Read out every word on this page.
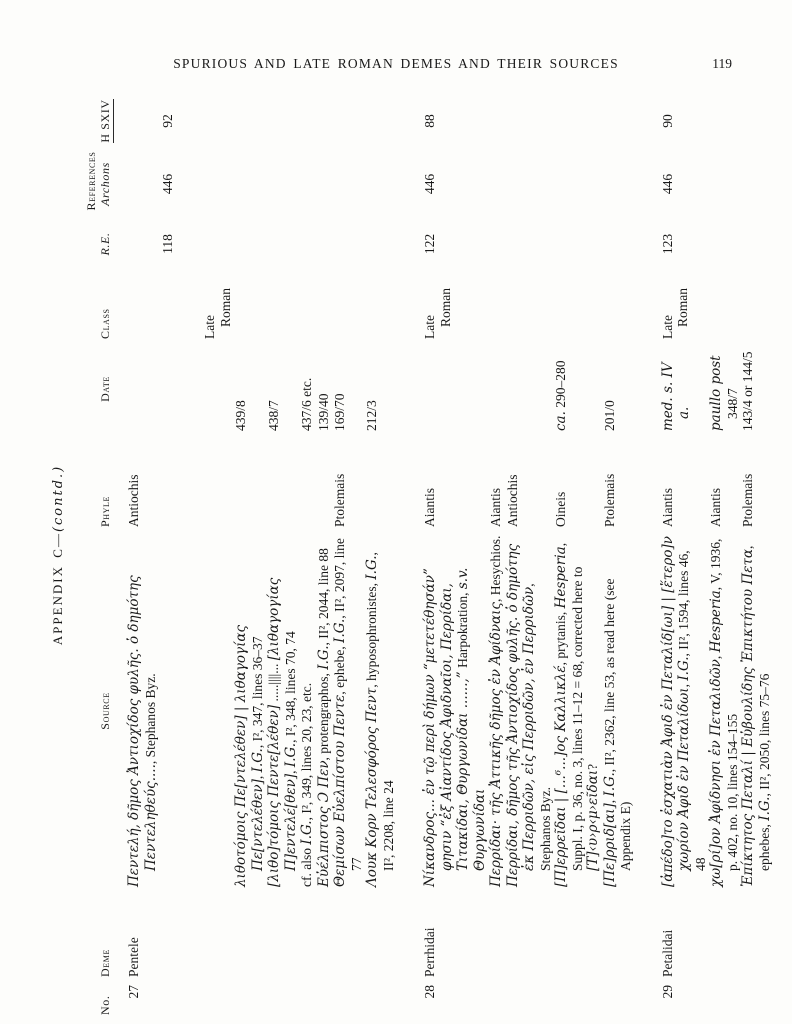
SPURIOUS AND LATE ROMAN DEMES AND THEIR SOURCES	119
APPENDIX C—(contd.)
References
No.
Deme
Source
Phyle
Date
Class
R.E.
Archons
H SXIV
27
Pentele
Πεντελή, δῆμος Ἀντιοχίδος φυλῆς. ὁ δημότης Πεντεληθεύς...., Stephanos Byz.
Antiochis
λιθοτόμοις Πε[ντελέθεν] | λιθαγογίας Πε[ντελέθεν], I.G., I², 347, lines 36–37
439/8
[λιθο]τόμοις Πεντε[λέθεν] .....||||... [λιθαγογίας Π]εντελέ[θεν], I.G., I², 348, lines 70, 74
438/7
cf. also I.G., I², 349, lines 20, 23, etc.
437/6 etc.
Εὐέλπιστος Ɔ Πεν, protengraphos, I.G., II², 2044, line 88
139/40
Θεμίσων Εὐελπίστου Πεντε, ephebe, I.G., II², 2097, line 77
Ptolemais
169/70
Λουκ Κορν Τελεσφόρος Πεντ, hyposophronistes, I.G., II², 2208, line 24
212/3
Late Roman
118
446
92
28
Perrhidai
Νίκανδρος... ἐν τῷ περὶ δήμων “μετετέθησάν” φησιν “ἐξ Αἰαντίδος Ἀφιδναῖοι, Περρίδαι, Τιτακίδαι, Θυργωνίδαι ......,” Harpokration, s.v. Θυργωνίδαι
Aiantis
Περρίδαι· τῆς Ἀττικῆς δῆμος ἐν Ἀφίδναις, Hesychios.
Aiantis
Περρίδαι, δῆμος τῆς Ἀντιοχίδος φυλῆς. ὁ δημότης ἐκ Περριδῶν, εἰς Περριδῶν, ἐν Περριδῶν, Stephanos Byz.
Antiochis
[Π]ερρεῖδαι | [...⁶...]ος Καλλικλέ, prytanis, Hesperia, Suppl. I, p. 36, no. 3, lines 11–12 = 68, corrected here to [Τ]‹υ›ρ‹μ›εῖδαι?
Oineis
ca. 290–280
[Πε]ρριδ[αι], I.G., II², 2362, line 53, as read here (see Appendix E)
Ptolemais
201/0
Late Roman
122
446
88
29
Petalidai
[ἀπέδο]το ἐσχατιὰν Ἀφιδ ἐν Πεταλίδ[ωι] | [ἕτερο]ν χωρίον Ἀφιδ ἐν Πεταλίδωι, I.G., II², 1594, lines 46, 48
Aiantis
med. s. IV a.
χω[ρί]ον Ἀφίδνησι ἐν Πεταλιδῶν, Hesperia, V, 1936, p. 402, no. 10, lines 154–155
Aiantis
paullo post 348/7
Ἐπίκτητος Πεταλί | Εὐβουλίδης Ἐπικτήτου Πετα, ephebes, I.G., II², 2050, lines 75–76
Ptolemais
143/4 or 144/5
Late Roman
123
446
90
